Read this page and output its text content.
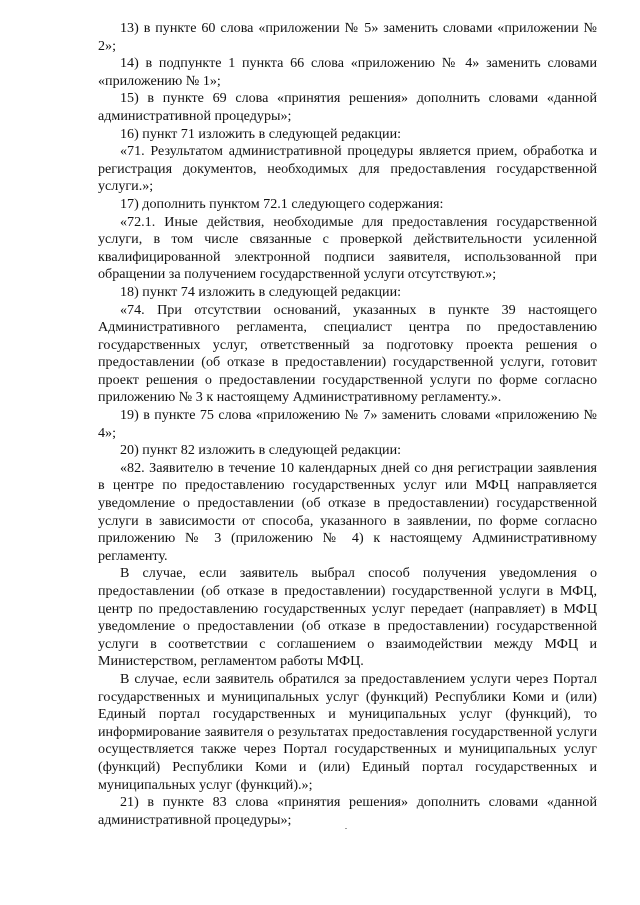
13) в пункте 60 слова «приложении № 5» заменить словами «приложении № 2»;

14) в подпункте 1 пункта 66 слова «приложению № 4» заменить словами «приложению № 1»;

15) в пункте 69 слова «принятия решения» дополнить словами «данной административной процедуры»;

16) пункт 71 изложить в следующей редакции:

«71. Результатом административной процедуры является прием, обработка и регистрация документов, необходимых для предоставления государственной услуги.»;

17) дополнить пунктом 72.1 следующего содержания:

«72.1. Иные действия, необходимые для предоставления государственной услуги, в том числе связанные с проверкой действительности усиленной квалифицированной электронной подписи заявителя, использованной при обращении за получением государственной услуги отсутствуют.»;

18) пункт 74 изложить в следующей редакции:

«74. При отсутствии оснований, указанных в пункте 39 настоящего Административного регламента, специалист центра по предоставлению государственных услуг, ответственный за подготовку проекта решения о предоставлении (об отказе в предоставлении) государственной услуги, готовит проект решения о предоставлении государственной услуги по форме согласно приложению № 3 к настоящему Административному регламенту.».

19) в пункте 75 слова «приложению № 7» заменить словами «приложению № 4»;

20) пункт 82 изложить в следующей редакции:

«82. Заявителю в течение 10 календарных дней со дня регистрации заявления в центре по предоставлению государственных услуг или МФЦ направляется уведомление о предоставлении (об отказе в предоставлении) государственной услуги в зависимости от способа, указанного в заявлении, по форме согласно приложению № 3 (приложению № 4) к настоящему Административному регламенту.

В случае, если заявитель выбрал способ получения уведомления о предоставлении (об отказе в предоставлении) государственной услуги в МФЦ, центр по предоставлению государственных услуг передает (направляет) в МФЦ уведомление о предоставлении (об отказе в предоставлении) государственной услуги в соответствии с соглашением о взаимодействии между МФЦ и Министерством, регламентом работы МФЦ.

В случае, если заявитель обратился за предоставлением услуги через Портал государственных и муниципальных услуг (функций) Республики Коми и (или) Единый портал государственных и муниципальных услуг (функций), то информирование заявителя о результатах предоставления государственной услуги осуществляется также через Портал государственных и муниципальных услуг (функций) Республики Коми и (или) Единый портал государственных и муниципальных услуг (функций).»;

21) в пункте 83 слова «принятия решения» дополнить словами «данной административной процедуры»;
